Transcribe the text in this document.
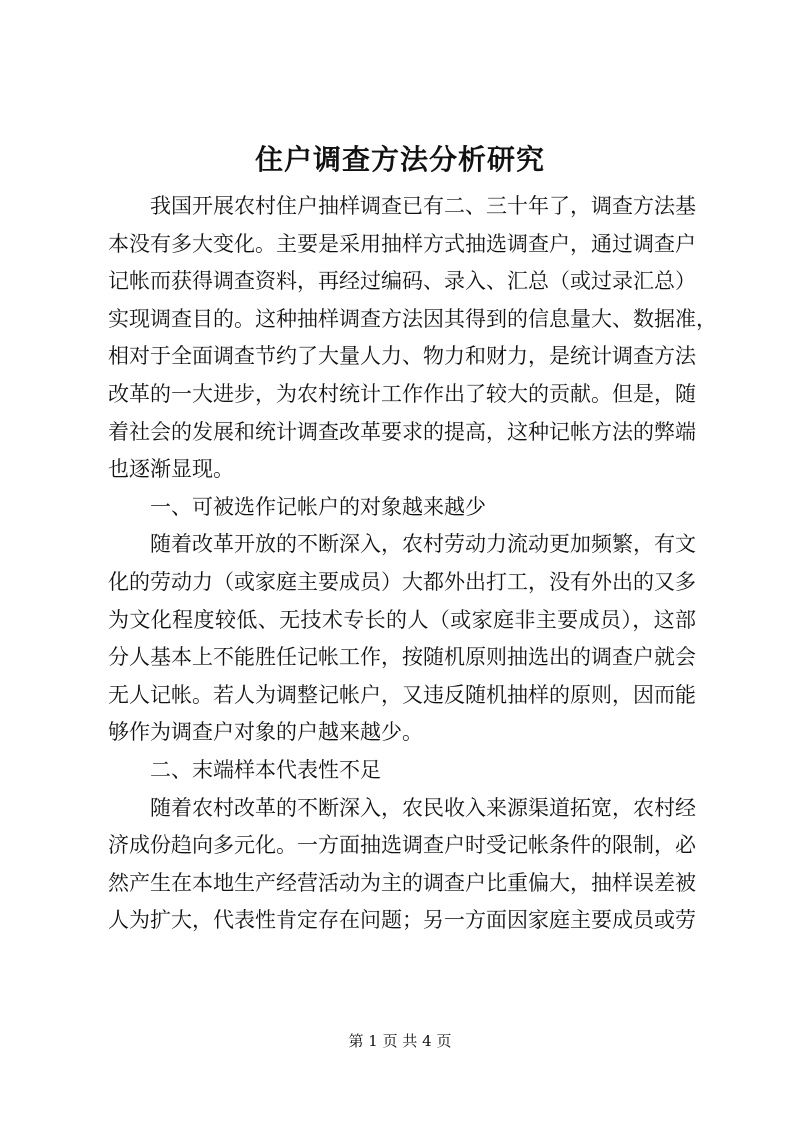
住户调查方法分析研究
我国开展农村住户抽样调查已有二、三十年了，调查方法基
本没有多大变化。主要是采用抽样方式抽选调查户，通过调查户
记帐而获得调查资料，再经过编码、录入、汇总（或过录汇总）
实现调查目的。这种抽样调查方法因其得到的信息量大、数据准，
相对于全面调查节约了大量人力、物力和财力，是统计调查方法
改革的一大进步，为农村统计工作作出了较大的贡献。但是，随
着社会的发展和统计调查改革要求的提高，这种记帐方法的弊端
也逐渐显现。
一、可被选作记帐户的对象越来越少
随着改革开放的不断深入，农村劳动力流动更加频繁，有文
化的劳动力（或家庭主要成员）大都外出打工，没有外出的又多
为文化程度较低、无技术专长的人（或家庭非主要成员），这部
分人基本上不能胜任记帐工作，按随机原则抽选出的调查户就会
无人记帐。若人为调整记帐户，又违反随机抽样的原则，因而能
够作为调查户对象的户越来越少。
二、末端样本代表性不足
随着农村改革的不断深入，农民收入来源渠道拓宽，农村经
济成份趋向多元化。一方面抽选调查户时受记帐条件的限制，必
然产生在本地生产经营活动为主的调查户比重偏大，抽样误差被
人为扩大，代表性肯定存在问题；另一方面因家庭主要成员或劳
第 1 页 共 4 页
